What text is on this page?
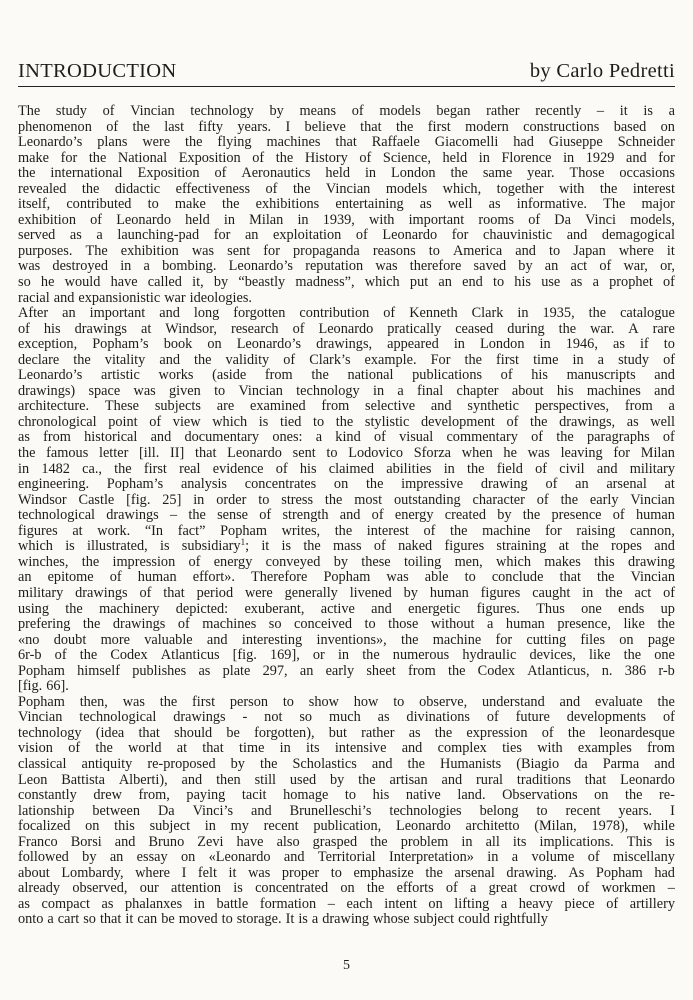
INTRODUCTION	by Carlo Pedretti
The study of Vincian technology by means of models began rather recently – it is a
phenomenon of the last fifty years. I believe that the first modern constructions based on
Leonardo’s plans were the flying machines that Raffaele Giacomelli had Giuseppe Schneider
make for the National Exposition of the History of Science, held in Florence in 1929 and for
the international Exposition of Aeronautics held in London the same year. Those occasions
revealed the didactic effectiveness of the Vincian models which, together with the interest
itself, contributed to make the exhibitions entertaining as well as informative. The major
exhibition of Leonardo held in Milan in 1939, with important rooms of Da Vinci models,
served as a launching-pad for an exploitation of Leonardo for chauvinistic and demagogical
purposes. The exhibition was sent for propaganda reasons to America and to Japan where it
was destroyed in a bombing. Leonardo’s reputation was therefore saved by an act of war, or,
so he would have called it, by “beastly madness”, which put an end to his use as a prophet of
racial and expansionistic war ideologies.
After an important and long forgotten contribution of Kenneth Clark in 1935, the catalogue
of his drawings at Windsor, research of Leonardo pratically ceased during the war. A rare
exception, Popham’s book on Leonardo’s drawings, appeared in London in 1946, as if to
declare the vitality and the validity of Clark’s example. For the first time in a study of
Leonardo’s artistic works (aside from the national publications of his manuscripts and
drawings) space was given to Vincian technology in a final chapter about his machines and
architecture. These subjects are examined from selective and synthetic perspectives, from a
chronological point of view which is tied to the stylistic development of the drawings, as well
as from historical and documentary ones: a kind of visual commentary of the paragraphs of
the famous letter [ill. II] that Leonardo sent to Lodovico Sforza when he was leaving for Milan
in 1482 ca., the first real evidence of his claimed abilities in the field of civil and military
engineering. Popham’s analysis concentrates on the impressive drawing of an arsenal at
Windsor Castle [fig. 25] in order to stress the most outstanding character of the early Vincian
technological drawings – the sense of strength and of energy created by the presence of human
figures at work. “In fact” Popham writes, the interest of the machine for raising cannon,
which is illustrated, is subsidiary$^1$; it is the mass of naked figures straining at the ropes and
winches, the impression of energy conveyed by these toiling men, which makes this drawing
an epitome of human effort». Therefore Popham was able to conclude that the Vincian
military drawings of that period were generally livened by human figures caught in the act of
using the machinery depicted: exuberant, active and energetic figures. Thus one ends up
prefering the drawings of machines so conceived to those without a human presence, like the
«no doubt more valuable and interesting inventions», the machine for cutting files on page
6r-b of the Codex Atlanticus [fig. 169], or in the numerous hydraulic devices, like the one
Popham himself publishes as plate 297, an early sheet from the Codex Atlanticus, n. 386 r-b
[fig. 66].
Popham then, was the first person to show how to observe, understand and evaluate the
Vincian technological drawings - not so much as divinations of future developments of
technology (idea that should be forgotten), but rather as the expression of the leonardesque
vision of the world at that time in its intensive and complex ties with examples from
classical antiquity re-proposed by the Scholastics and the Humanists (Biagio da Parma and
Leon Battista Alberti), and then still used by the artisan and rural traditions that Leonardo
constantly drew from, paying tacit homage to his native land. Observations on the re-
lationship between Da Vinci’s and Brunelleschi’s technologies belong to recent years. I
focalized on this subject in my recent publication, Leonardo architetto (Milan, 1978), while
Franco Borsi and Bruno Zevi have also grasped the problem in all its implications. This is
followed by an essay on «Leonardo and Territorial Interpretation» in a volume of miscellany
about Lombardy, where I felt it was proper to emphasize the arsenal drawing. As Popham had
already observed, our attention is concentrated on the efforts of a great crowd of workmen –
as compact as phalanxes in battle formation – each intent on lifting a heavy piece of artillery
onto a cart so that it can be moved to storage. It is a drawing whose subject could rightfully
5
